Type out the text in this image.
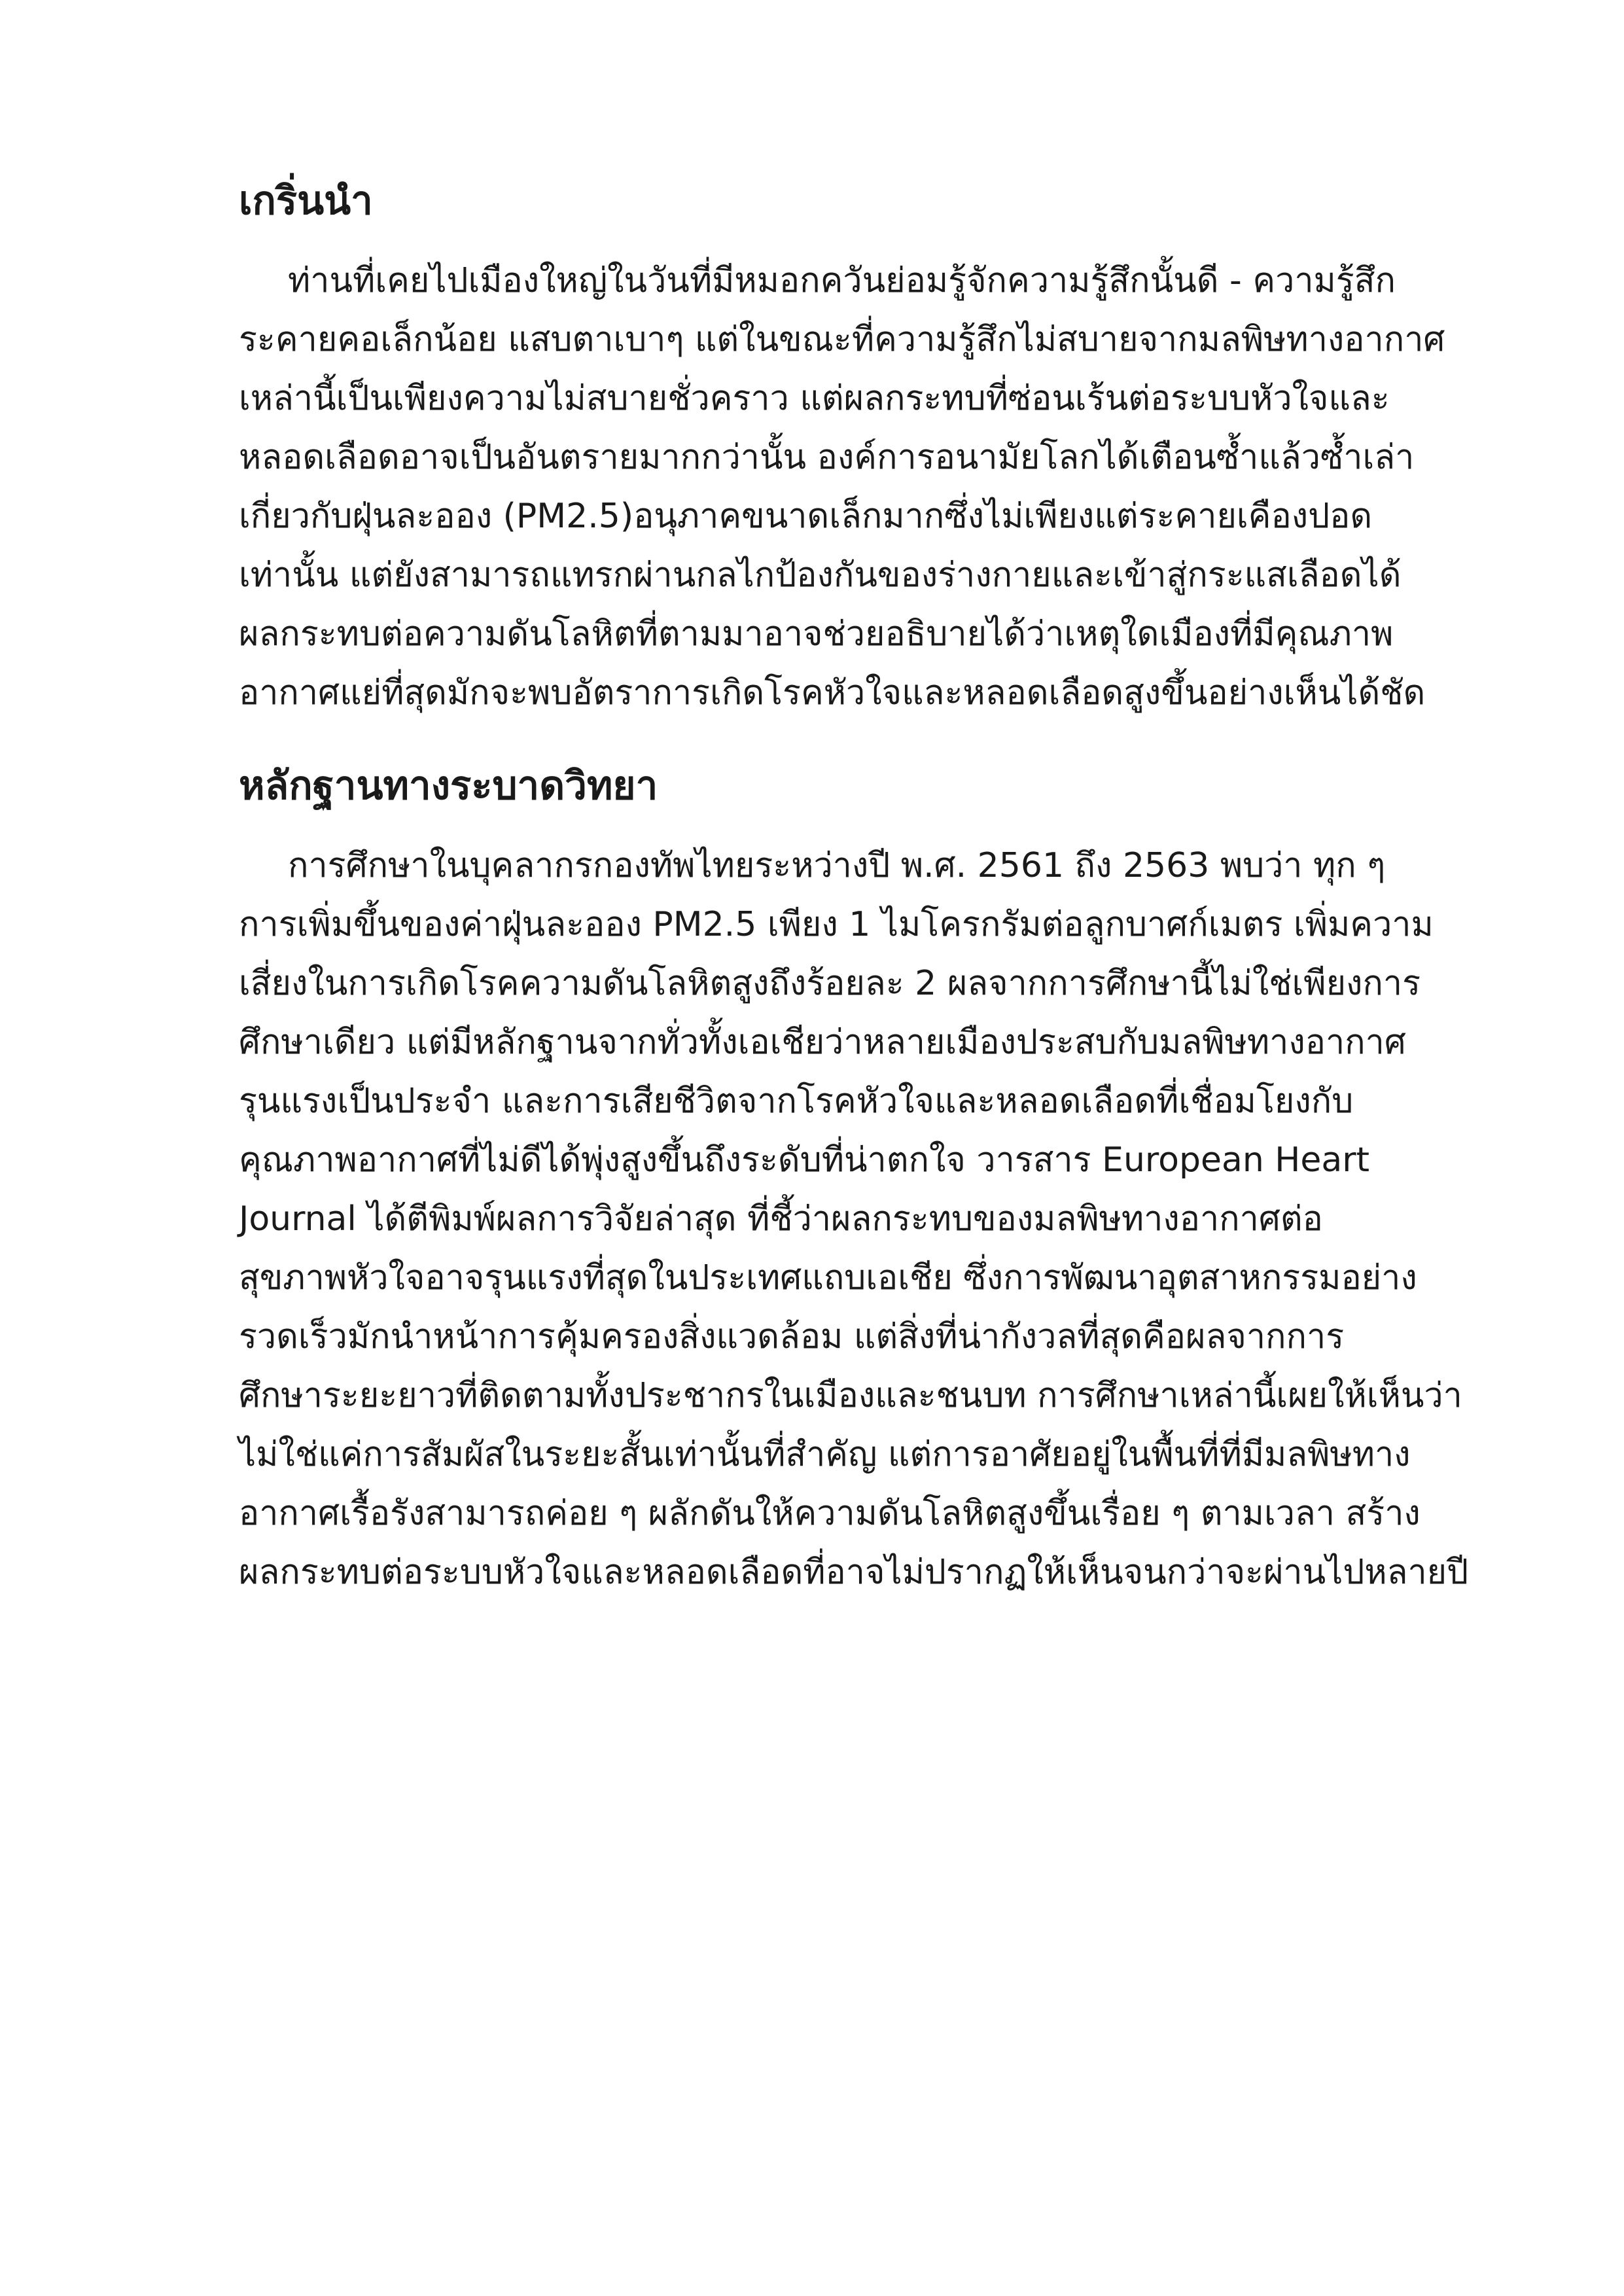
เกริ่นนำ

ท่านที่เคยไปเมืองใหญ่ในวันที่มีหมอกควันย่อมรู้จักความรู้สึกนั้นดี - ความรู้สึก
ระคายคอเล็กน้อย แสบตาเบาๆ แต่ในขณะที่ความรู้สึกไม่สบายจากมลพิษทางอากาศ
เหล่านี้เป็นเพียงความไม่สบายชั่วคราว แต่ผลกระทบที่ซ่อนเร้นต่อระบบหัวใจและ
หลอดเลือดอาจเป็นอันตรายมากกว่านั้น องค์การอนามัยโลกได้เตือนซ้ำแล้วซ้ำเล่า
เกี่ยวกับฝุ่นละออง (PM2.5)อนุภาคขนาดเล็กมากซึ่งไม่เพียงแต่ระคายเคืองปอด
เท่านั้น แต่ยังสามารถแทรกผ่านกลไกป้องกันของร่างกายและเข้าสู่กระแสเลือดได้
ผลกระทบต่อความดันโลหิตที่ตามมาอาจช่วยอธิบายได้ว่าเหตุใดเมืองที่มีคุณภาพ
อากาศแย่ที่สุดมักจะพบอัตราการเกิดโรคหัวใจและหลอดเลือดสูงขึ้นอย่างเห็นได้ชัด

หลักฐานทางระบาดวิทยา

การศึกษาในบุคลากรกองทัพไทยระหว่างปี พ.ศ. 2561 ถึง 2563 พบว่า ทุก ๆ
การเพิ่มขึ้นของค่าฝุ่นละออง PM2.5 เพียง 1 ไมโครกรัมต่อลูกบาศก์เมตร เพิ่มความ
เสี่ยงในการเกิดโรคความดันโลหิตสูงถึงร้อยละ 2 ผลจากการศึกษานี้ไม่ใช่เพียงการ
ศึกษาเดียว แต่มีหลักฐานจากทั่วทั้งเอเชียว่าหลายเมืองประสบกับมลพิษทางอากาศ
รุนแรงเป็นประจำ และการเสียชีวิตจากโรคหัวใจและหลอดเลือดที่เชื่อมโยงกับ
คุณภาพอากาศที่ไม่ดีได้พุ่งสูงขึ้นถึงระดับที่น่าตกใจ วารสาร European Heart
Journal ได้ตีพิมพ์ผลการวิจัยล่าสุด ที่ชี้ว่าผลกระทบของมลพิษทางอากาศต่อ
สุขภาพหัวใจอาจรุนแรงที่สุดในประเทศแถบเอเชีย ซึ่งการพัฒนาอุตสาหกรรมอย่าง
รวดเร็วมักนำหน้าการคุ้มครองสิ่งแวดล้อม แต่สิ่งที่น่ากังวลที่สุดคือผลจากการ
ศึกษาระยะยาวที่ติดตามทั้งประชากรในเมืองและชนบท การศึกษาเหล่านี้เผยให้เห็นว่า
ไม่ใช่แค่การสัมผัสในระยะสั้นเท่านั้นที่สำคัญ แต่การอาศัยอยู่ในพื้นที่ที่มีมลพิษทาง
อากาศเรื้อรังสามารถค่อย ๆ ผลักดันให้ความดันโลหิตสูงขึ้นเรื่อย ๆ ตามเวลา สร้าง
ผลกระทบต่อระบบหัวใจและหลอดเลือดที่อาจไม่ปรากฏให้เห็นจนกว่าจะผ่านไปหลายปี
